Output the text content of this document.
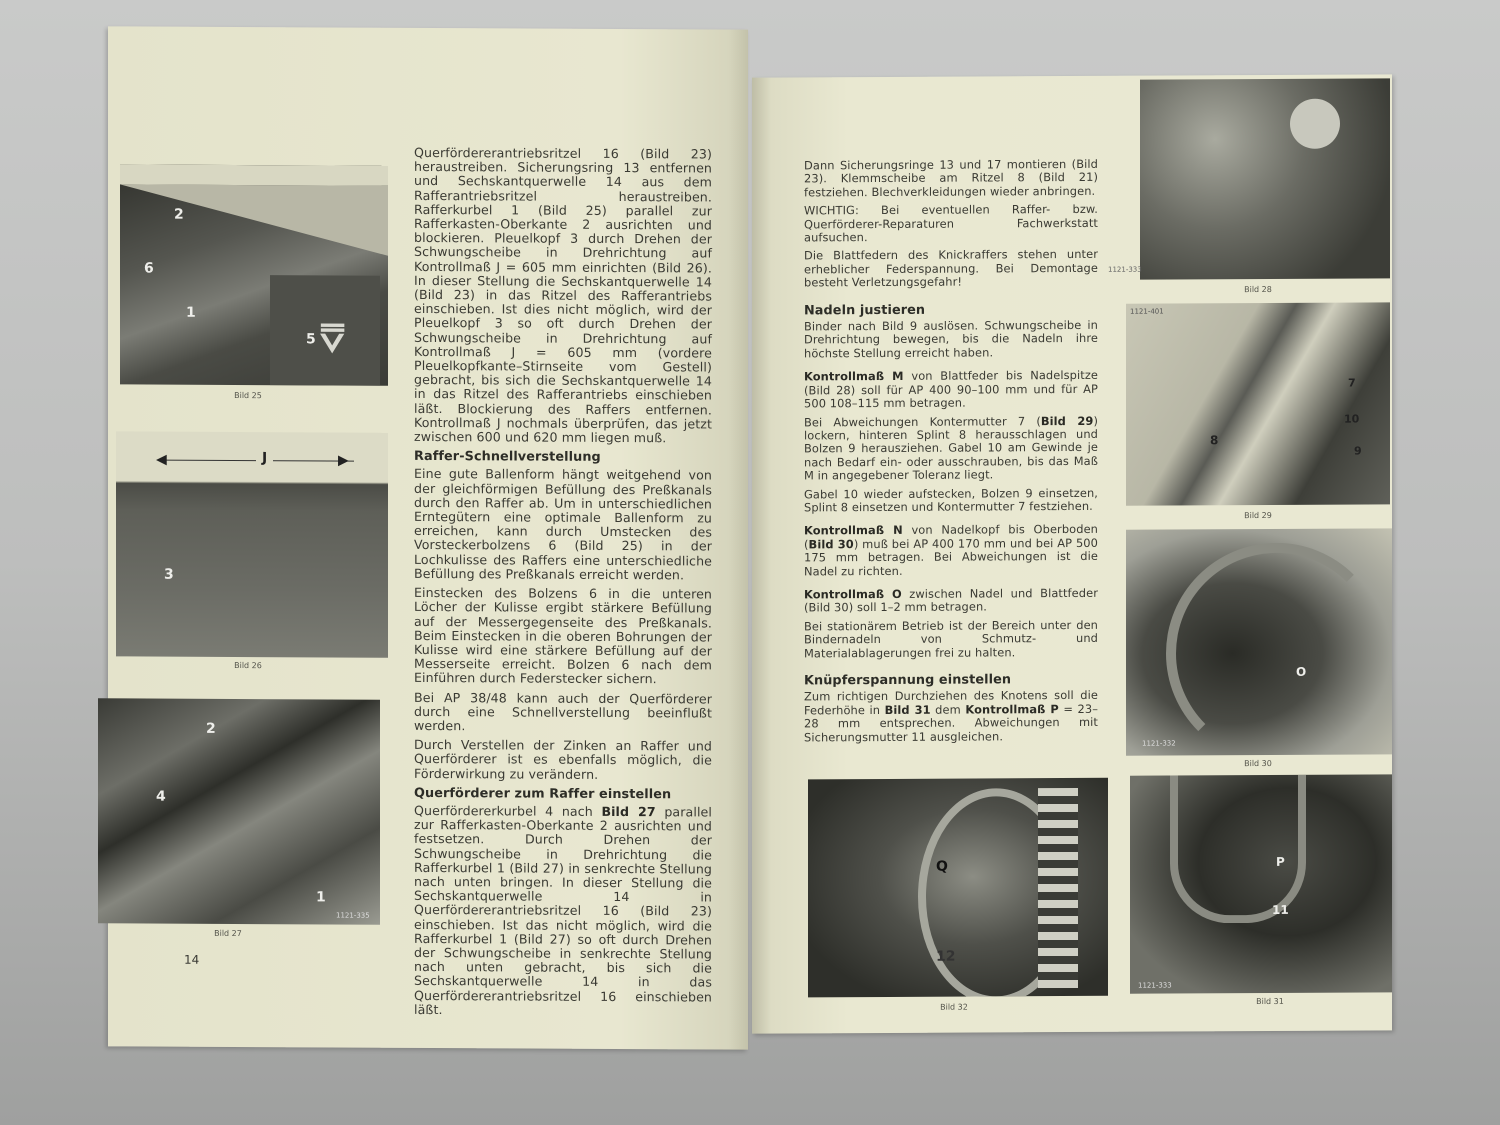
2
6
1
5 ⩢
Bild 25
◀	▶
J
3
Bild 26
2
4
1
1121-335
Bild 27
14

Querfördererantriebsritzel 16 (Bild 23) heraustreiben. Sicherungsring 13 entfernen und Sechskantquerwelle 14 aus dem Rafferantriebsritzel heraustreiben. Rafferkurbel 1 (Bild 25) parallel zur Rafferkasten-Oberkante 2 ausrichten und blockieren. Pleuelkopf 3 durch Drehen der Schwungscheibe in Drehrichtung auf Kontrollmaß J = 605 mm einrichten (Bild 26). In dieser Stellung die Sechskantquerwelle 14 (Bild 23) in das Ritzel des Rafferantriebs einschieben. Ist dies nicht möglich, wird der Pleuelkopf 3 so oft durch Drehen der Schwungscheibe in Drehrichtung auf Kontrollmaß J = 605 mm (vordere Pleuelkopfkante–Stirnseite vom Gestell) gebracht, bis sich die Sechskantquerwelle 14 in das Ritzel des Rafferantriebs einschieben läßt. Blockierung des Raffers entfernen. Kontrollmaß J nochmals überprüfen, das jetzt zwischen 600 und 620 mm liegen muß.

Raffer-Schnellverstellung

Eine gute Ballenform hängt weitgehend von der gleichförmigen Befüllung des Preßkanals durch den Raffer ab. Um in unterschiedlichen Erntegütern eine optimale Ballenform zu erreichen, kann durch Umstecken des Vorsteckerbolzens 6 (Bild 25) in der Lochkulisse des Raffers eine unterschiedliche Befüllung des Preßkanals erreicht werden.

Einstecken des Bolzens 6 in die unteren Löcher der Kulisse ergibt stärkere Befüllung auf der Messergegenseite des Preßkanals. Beim Einstecken in die oberen Bohrungen der Kulisse wird eine stärkere Befüllung auf der Messerseite erreicht. Bolzen 6 nach dem Einführen durch Federstecker sichern.

Bei AP 38/48 kann auch der Querförderer durch eine Schnellverstellung beeinflußt werden.

Durch Verstellen der Zinken an Raffer und Querförderer ist es ebenfalls möglich, die Förderwirkung zu verändern.

Querförderer zum Raffer einstellen

Querfördererkurbel 4 nach Bild 27 parallel zur Rafferkasten-Oberkante 2 ausrichten und festsetzen. Durch Drehen der Schwungscheibe in Drehrichtung die Rafferkurbel 1 (Bild 27) in senkrechte Stellung nach unten bringen. In dieser Stellung die Sechskantquerwelle 14 in Querfördererantriebsritzel 16 (Bild 23) einschieben. Ist das nicht möglich, wird die Rafferkurbel 1 (Bild 27) so oft durch Drehen der Schwungscheibe in senkrechte Stellung nach unten gebracht, bis sich die Sechskantquerwelle 14 in das Querfördererantriebsritzel 16 einschieben läßt.

Dann Sicherungsringe 13 und 17 montieren (Bild 23). Klemmscheibe am Ritzel 8 (Bild 21) festziehen. Blechverkleidungen wieder anbringen.

WICHTIG: Bei eventuellen Raffer- bzw. Querförderer-Reparaturen Fachwerkstatt aufsuchen.

Die Blattfedern des Knickraffers stehen unter erheblicher Federspannung. Bei Demontage besteht Verletzungsgefahr!

Nadeln justieren

Binder nach Bild 9 auslösen. Schwungscheibe in Drehrichtung bewegen, bis die Nadeln ihre höchste Stellung erreicht haben.

Kontrollmaß M von Blattfeder bis Nadelspitze (Bild 28) soll für AP 400 90–100 mm und für AP 500 108–115 mm betragen.

Bei Abweichungen Kontermutter 7 (Bild 29) lockern, hinteren Splint 8 herausschlagen und Bolzen 9 herausziehen. Gabel 10 am Gewinde je nach Bedarf ein- oder ausschrauben, bis das Maß M in angegebener Toleranz liegt.

Gabel 10 wieder aufstecken, Bolzen 9 einsetzen, Splint 8 einsetzen und Kontermutter 7 festziehen.

Kontrollmaß N von Nadelkopf bis Oberboden (Bild 30) muß bei AP 400 170 mm und bei AP 500 175 mm betragen. Bei Abweichungen ist die Nadel zu richten.

Kontrollmaß O zwischen Nadel und Blattfeder (Bild 30) soll 1–2 mm betragen.

Bei stationärem Betrieb ist der Bereich unter den Bindernadeln von Schmutz- und Materialablagerungen frei zu halten.

Knüpferspannung einstellen

Zum richtigen Durchziehen des Knotens soll die Federhöhe in Bild 31 dem Kontrollmaß P = 23–28 mm entsprechen. Abweichungen mit Sicherungsmutter 11 ausgleichen.

1121-333
Bild 28
7
8
10
9
1121-401
Bild 29
O
1121-332
Bild 30
Q
12
Bild 32
P
11
1121-333
Bild 31
